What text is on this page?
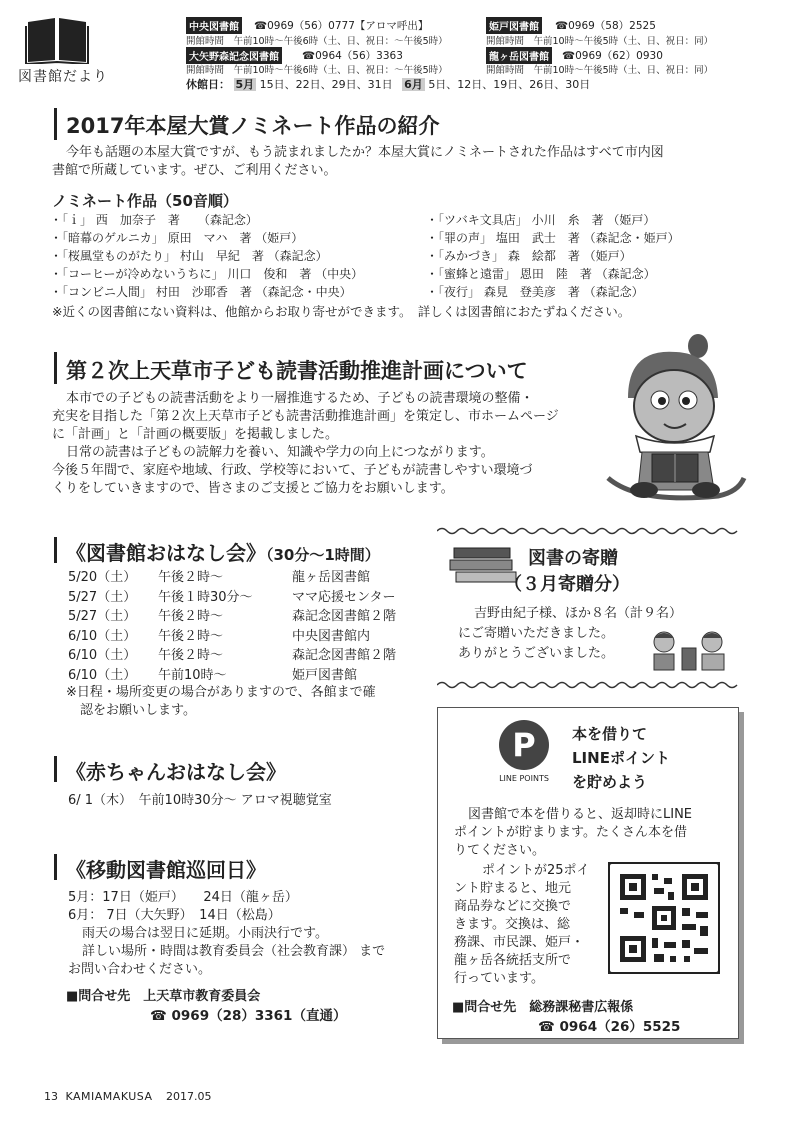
図書館だより
中央図書館 ☎0969（56）0777【アロマ呼出】
開館時間　午前10時～午後6時（土、日、祝日：～午後5時）
姫戸図書館 ☎0969（58）2525
開館時間　午前10時～午後5時（土、日、祝日：同）
大矢野森記念図書館 ☎0964（56）3363
開館時間　午前10時～午後6時（土、日、祝日：～午後5時）
龍ヶ岳図書館 ☎0969（62）0930
開館時間　午前10時～午後5時（土、日、祝日：同）
休館日： 5月 15日、22日、29日、31日 6月 5日、12日、19日、26日、30日
2017年本屋大賞ノミネート作品の紹介
今年も話題の本屋大賞ですが、もう読まれましたか？本屋大賞にノミネートされた作品はすべて市内図
書館で所蔵しています。ぜひ、ご利用ください。
ノミネート作品（50音順）
・「ｉ」 西　加奈子　著　　（森記念）
・「暗幕のゲルニカ」 原田　マハ　著 （姫戸）
・「桜風堂ものがたり」 村山　早紀　著 （森記念）
・「コーヒーが冷めないうちに」 川口　俊和　著 （中央）
・「コンビニ人間」 村田　沙耶香　著 （森記念・中央）
・「ツバキ文具店」 小川　糸　著 （姫戸）
・「罪の声」 塩田　武士　著 （森記念・姫戸）
・「みかづき」 森　絵都　著 （姫戸）
・「蜜蜂と遠雷」 恩田　陸　著 （森記念）
・「夜行」 森見　登美彦　著 （森記念）
※近くの図書館にない資料は、他館からお取り寄せができます。　詳しくは図書館におたずねください。
第２次上天草市子ども読書活動推進計画について
本市での子どもの読書活動をより一層推進するため、子どもの読書環境の整備・
充実を目指した「第２次上天草市子ども読書活動推進計画」を策定し、市ホームページ
に「計画」と「計画の概要版」を掲載しました。
日常の読書は子どもの読解力を養い、知識や学力の向上につながります。
今後５年間で、家庭や地域、行政、学校等において、子どもが読書しやすい環境づ
くりをしていきますので、皆さまのご支援とご協力をお願いします。
《図書館おはなし会》（30分～1時間）
5/20（土）	午後２時～	龍ヶ岳図書館
5/27（土）	午後１時30分～	ママ応援センター
5/27（土）	午後２時～	森記念図書館２階
6/10（土）	午後２時～	中央図書館内
6/10（土）	午後２時～	森記念図書館２階
6/10（土）	午前10時～	姫戸図書館
※日程・場所変更の場合がありますので、各館まで確
認をお願いします。
《赤ちゃんおはなし会》
6/ 1（木）　午前10時30分～ アロマ視聴覚室
《移動図書館巡回日》
5月：17日（姫戸）　　24日（龍ヶ岳）
6月： 7日（大矢野）　14日（松島）
雨天の場合は翌日に延期。小雨決行です。
詳しい場所・時間は教育委員会（社会教育課） まで
お問い合わせください。
■問合せ先　上天草市教育委員会
☎ 0969（28）3361（直通）
図書の寄贈
（３月寄贈分）
吉野由紀子様、ほか８名（計９名）
にご寄贈いただきました。
ありがとうございました。
P
LINE POINTS
本を借りて
LINEポイント
を貯めよう
図書館で本を借りると、返却時にLINE
ポイントが貯まります。たくさん本を借
りてください。
ポイントが25ポイ
ント貯まると、地元
商品券などに交換で
きます。交換は、総
務課、市民課、姫戸・
龍ヶ岳各統括支所で
行っています。
■問合せ先　総務課秘書広報係
☎ 0964（26）5525
13 KAMIAMAKUSA 2017.05
